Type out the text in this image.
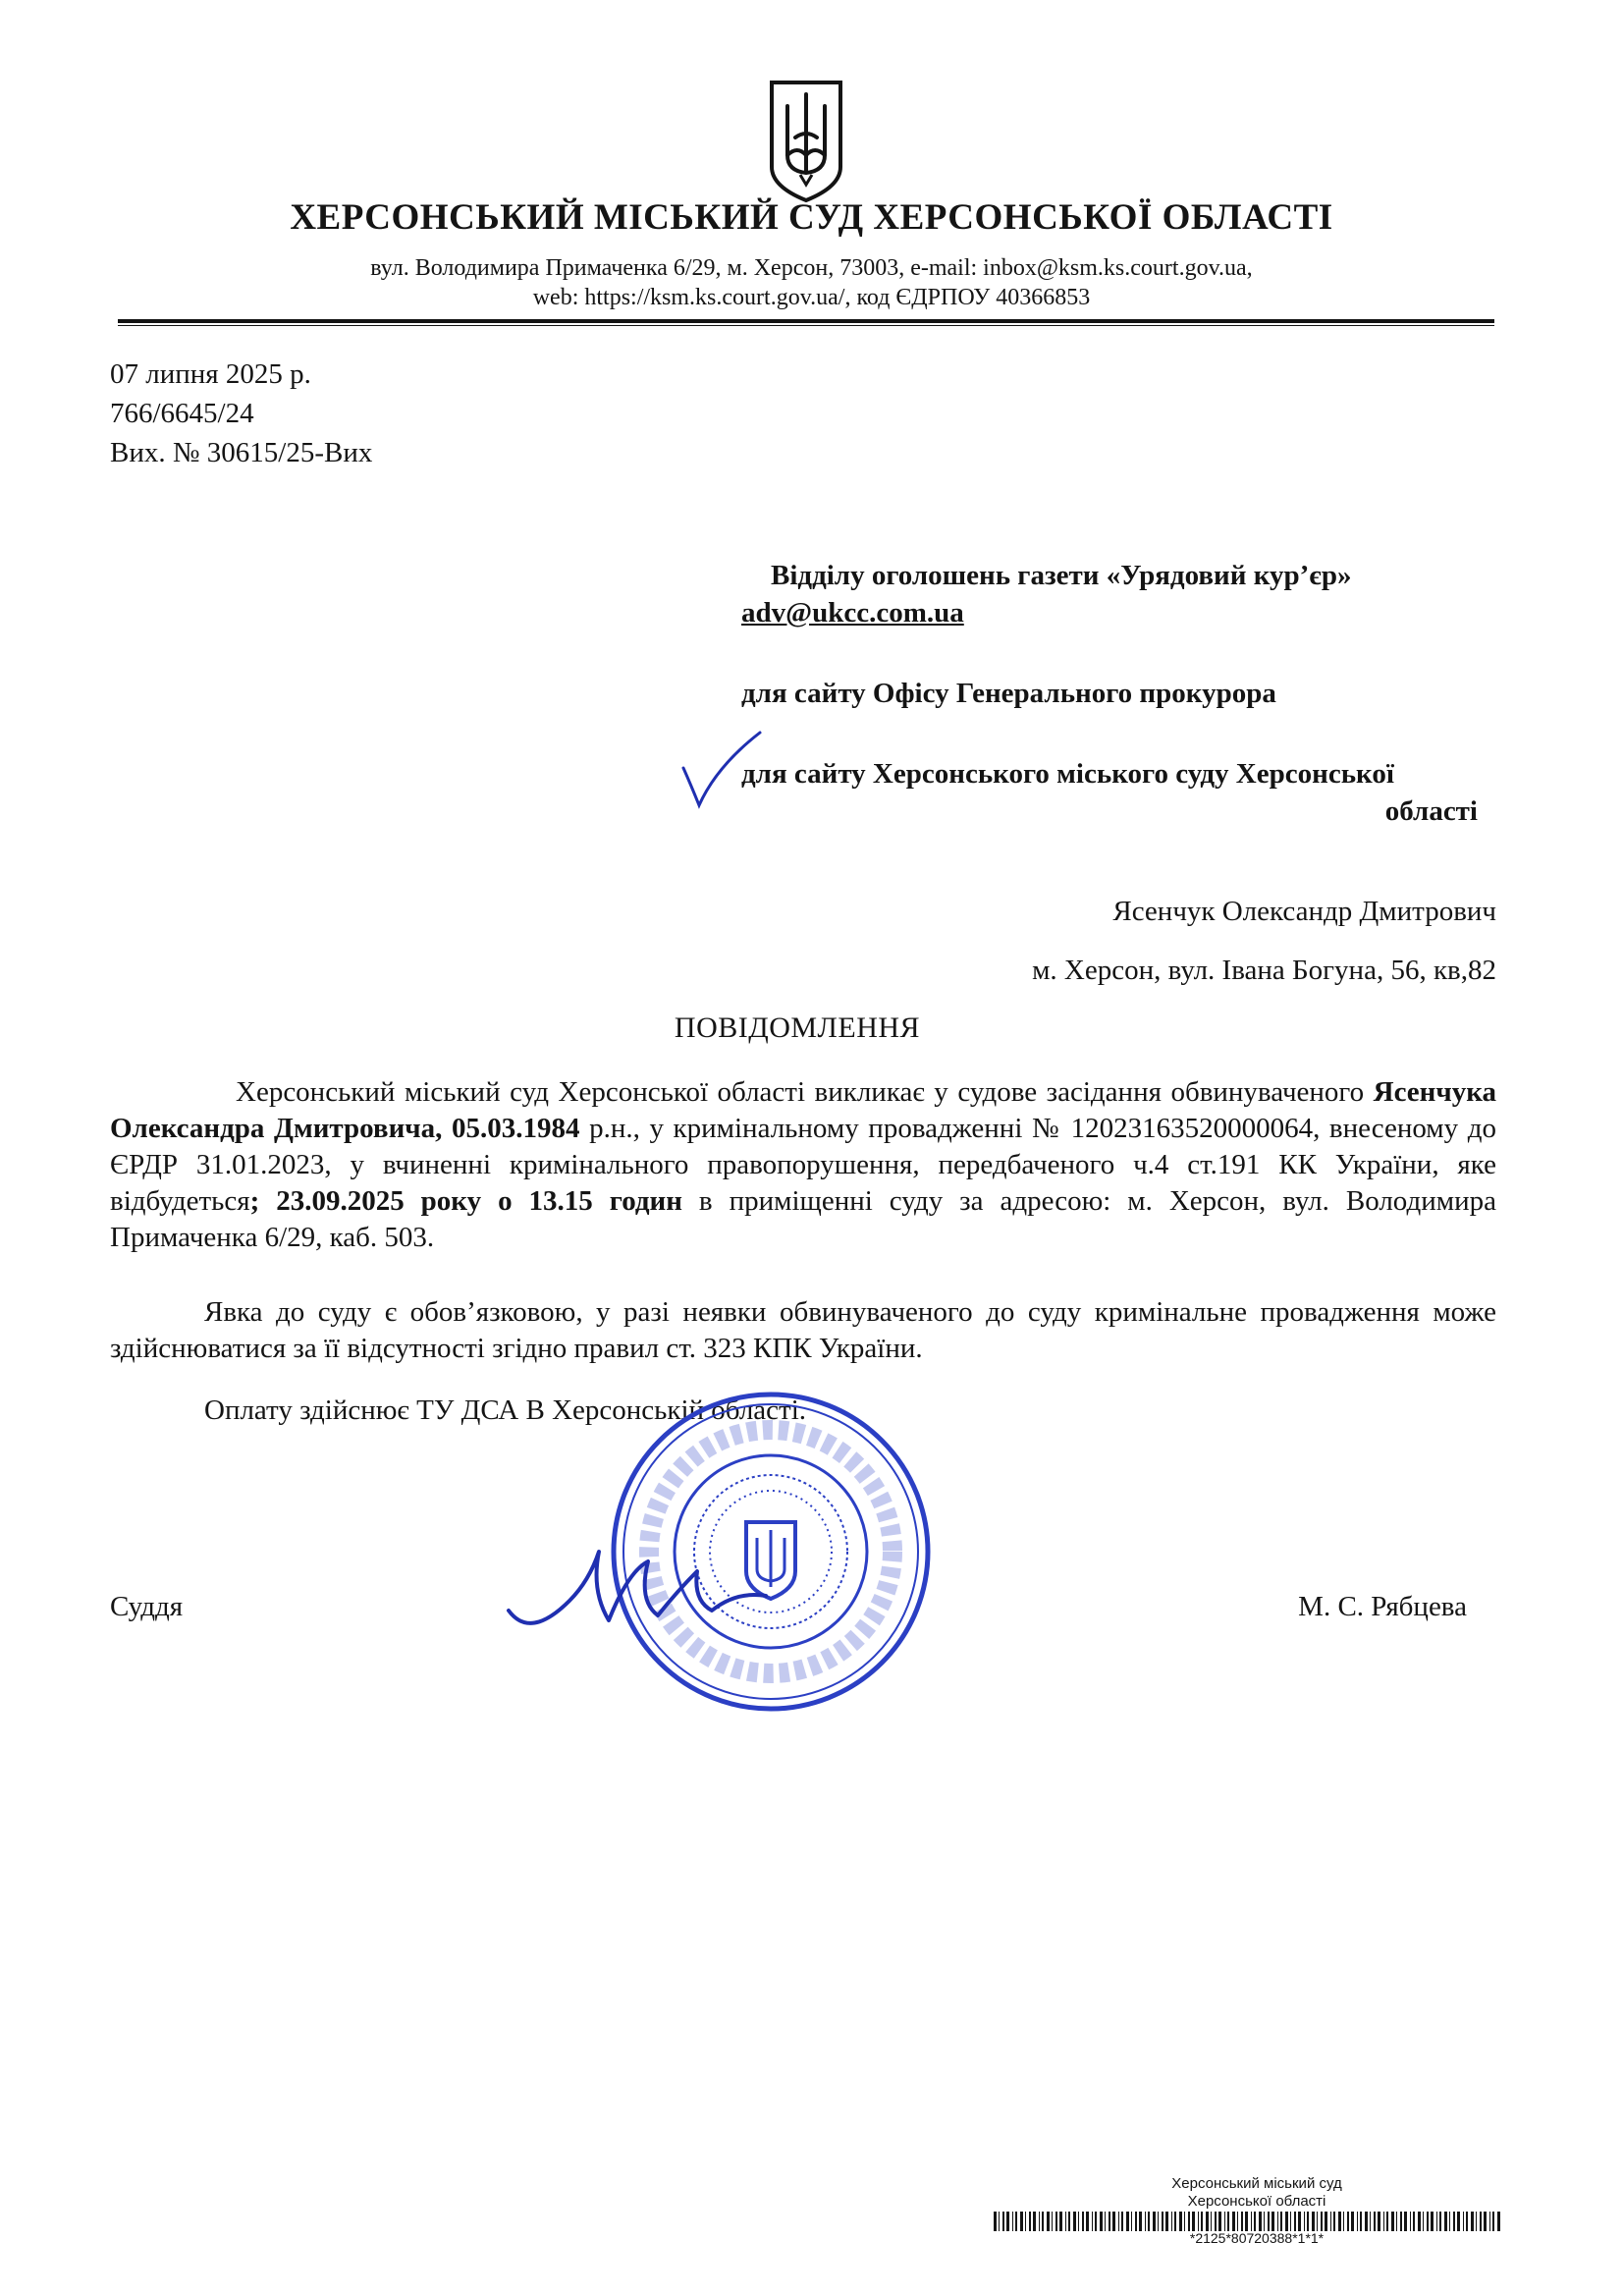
ХЕРСОНСЬКИЙ МІСЬКИЙ СУД ХЕРСОНСЬКОЇ ОБЛАСТІ
вул. Володимира Примаченка 6/29, м. Херсон, 73003, e-mail: inbox@ksm.ks.court.gov.ua,
web: https://ksm.ks.court.gov.ua/, код ЄДРПОУ 40366853
07 липня 2025 р.
766/6645/24
Вих. № 30615/25-Вих
Відділу оголошень газети «Урядовий кур’єр»
adv@ukcc.com.ua
для сайту Офісу Генерального прокурора
для сайту Херсонського міського суду Херсонської
області
Ясенчук Олександр Дмитрович
м. Херсон, вул. Івана Богуна, 56, кв,82
ПОВІДОМЛЕННЯ
Херсонський міський суд Херсонської області викликає у судове засідання обвинуваченого Ясенчука Олександра Дмитровича, 05.03.1984 р.н., у кримінальному провадженні № 12023163520000064, внесеному до ЄРДР 31.01.2023, у вчиненні кримінального правопорушення, передбаченого ч.4 ст.191 КК України, яке відбудеться; 23.09.2025 року о 13.15 годин в приміщенні суду за адресою: м. Херсон, вул. Володимира Примаченка 6/29, каб. 503.
Явка до суду є обов’язковою, у разі неявки обвинуваченого до суду кримінальне провадження може здійснюватися за її відсутності згідно правил ст. 323 КПК України.
Оплату здійснює ТУ ДСА В Херсонській області.
Суддя	М. С. Рябцева
Херсонський міський суд
Херсонської області
*2125*80720388*1*1*
